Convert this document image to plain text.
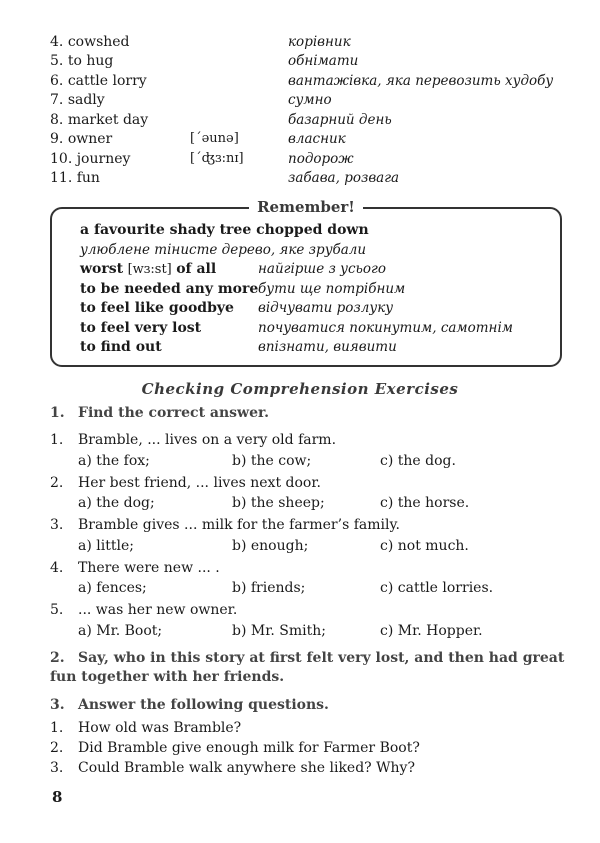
4. cowshed	корівник
5. to hug	обнімати
6. cattle lorry	вантажівка, яка перевозить худобу
7. sadly	сумно
8. market day	базарний день
9. owner	[ˊəunə]	власник
10. journey	[ˊʤɜ:nɪ]	подорож
11. fun	забава, розвага
Remember!
a favourite shady tree chopped down
улюблене тінисте дерево, яке зрубали
worst [wɜ:st] of all	найгірше з усього
to be needed any more бути ще потрібним
to feel like goodbye відчувати розлуку
to feel very lost	почуватися покинутим, самотнім
to find out	впізнати, виявити
Checking Comprehension Exercises
1. Find the correct answer.
1. Bramble, ... lives on a very old farm.
a) the fox;	b) the cow;	c) the dog.
2. Her best friend, ... lives next door.
a) the dog;	b) the sheep;	c) the horse.
3. Bramble gives ... milk for the farmer’s family.
a) little;	b) enough;	c) not much.
4. There were new ... .
a) fences;	b) friends;	c) cattle lorries.
5. ... was her new owner.
a) Mr. Boot;	b) Mr. Smith;	c) Mr. Hopper.
2. Say, who in this story at first felt very lost, and then had great fun together with her friends.
3. Answer the following questions.
1. How old was Bramble?
2. Did Bramble give enough milk for Farmer Boot?
3. Could Bramble walk anywhere she liked? Why?
8
